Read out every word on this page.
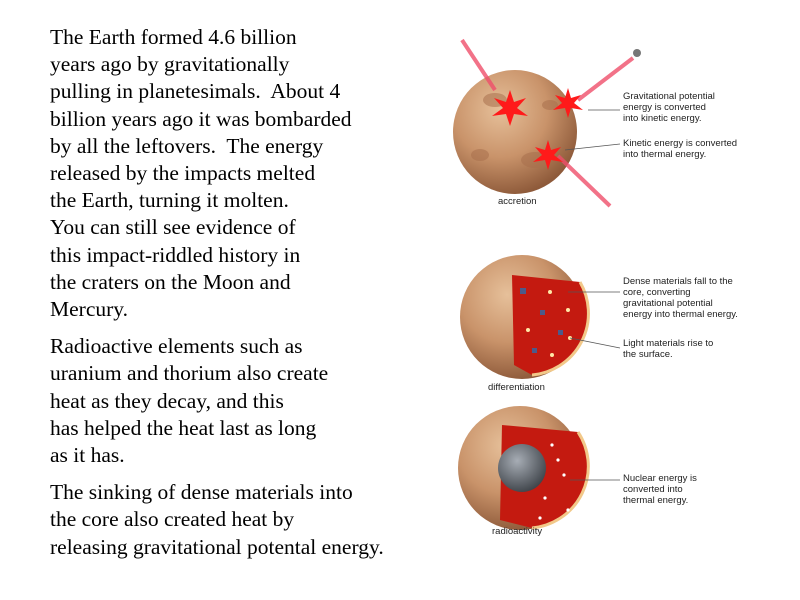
The Earth formed 4.6 billion
years ago by gravitationally
pulling in planetesimals.  About 4
billion years ago it was bombarded
by all the leftovers.  The energy
released by the impacts melted
the Earth, turning it molten.
You can still see evidence of
this impact-riddled history in
the craters on the Moon and
Mercury.
Radioactive elements such as
uranium and thorium also create
heat as they decay, and this
has helped the heat last as long
as it has.
The sinking of dense materials into
the core also created heat by
releasing gravitational potental energy.
Gravitational potential
energy is converted
into kinetic energy.
Kinetic energy is converted
into thermal energy.
accretion
Dense materials fall to the
core, converting
gravitational potential
energy into thermal energy.
Light materials rise to
the surface.
differentiation
Nuclear energy is
converted into
thermal energy.
radioactivity
